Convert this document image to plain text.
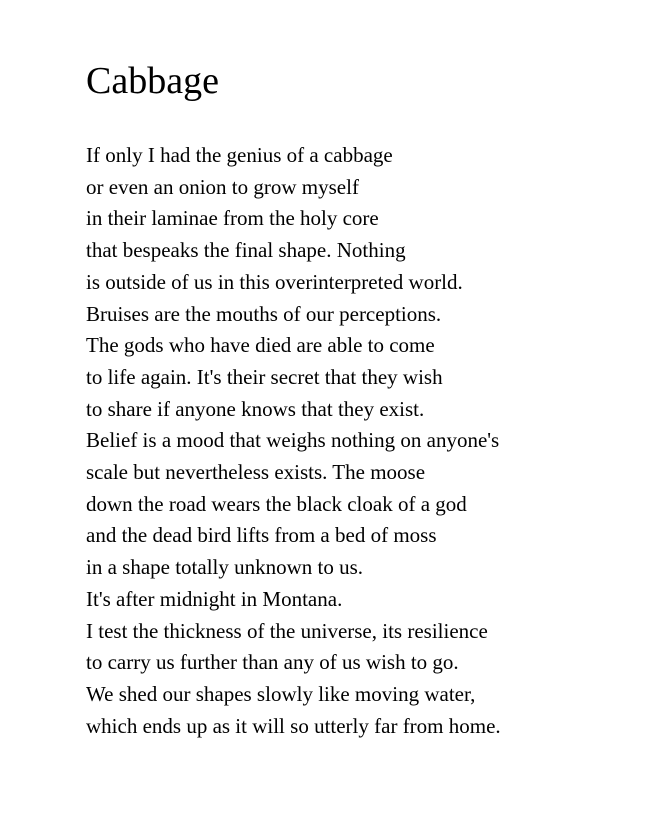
Cabbage
If only I had the genius of a cabbage
or even an onion to grow myself
in their laminae from the holy core
that bespeaks the final shape. Nothing
is outside of us in this overinterpreted world.
Bruises are the mouths of our perceptions.
The gods who have died are able to come
to life again. It's their secret that they wish
to share if anyone knows that they exist.
Belief is a mood that weighs nothing on anyone's
scale but nevertheless exists. The moose
down the road wears the black cloak of a god
and the dead bird lifts from a bed of moss
in a shape totally unknown to us.
It's after midnight in Montana.
I test the thickness of the universe, its resilience
to carry us further than any of us wish to go.
We shed our shapes slowly like moving water,
which ends up as it will so utterly far from home.
